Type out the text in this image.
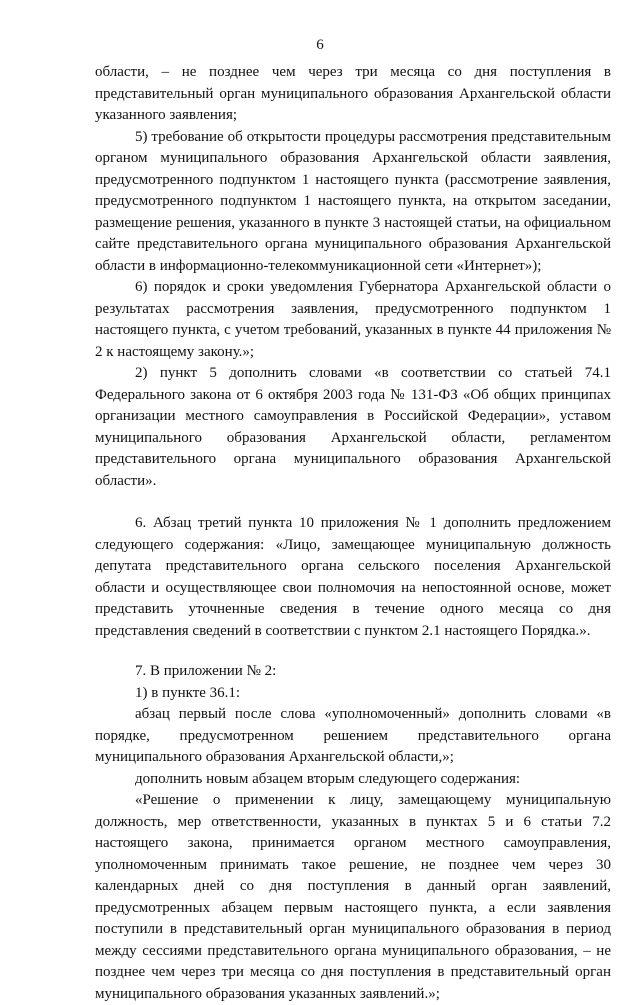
6

области, – не позднее чем через три месяца со дня поступления в представительный орган муниципального образования Архангельской области указанного заявления;

5) требование об открытости процедуры рассмотрения представительным органом муниципального образования Архангельской области заявления, предусмотренного подпунктом 1 настоящего пункта (рассмотрение заявления, предусмотренного подпунктом 1 настоящего пункта, на открытом заседании, размещение решения, указанного в пункте 3 настоящей статьи, на официальном сайте представительного органа муниципального образования Архангельской области в информационно-телекоммуникационной сети «Интернет»);

6) порядок и сроки уведомления Губернатора Архангельской области о результатах рассмотрения заявления, предусмотренного подпунктом 1 настоящего пункта, с учетом требований, указанных в пункте 44 приложения № 2 к настоящему закону.»;

2) пункт 5 дополнить словами «в соответствии со статьей 74.1 Федерального закона от 6 октября 2003 года № 131-ФЗ «Об общих принципах организации местного самоуправления в Российской Федерации», уставом муниципального образования Архангельской области, регламентом представительного органа муниципального образования Архангельской области».

6. Абзац третий пункта 10 приложения № 1 дополнить предложением следующего содержания: «Лицо, замещающее муниципальную должность депутата представительного органа сельского поселения Архангельской области и осуществляющее свои полномочия на непостоянной основе, может представить уточненные сведения в течение одного месяца со дня представления сведений в соответствии с пунктом 2.1 настоящего Порядка.».

7. В приложении № 2:

1) в пункте 36.1:

абзац первый после слова «уполномоченный» дополнить словами «в порядке, предусмотренном решением представительного органа муниципального образования Архангельской области,»;

дополнить новым абзацем вторым следующего содержания:

«Решение о применении к лицу, замещающему муниципальную должность, мер ответственности, указанных в пунктах 5 и 6 статьи 7.2 настоящего закона, принимается органом местного самоуправления, уполномоченным принимать такое решение, не позднее чем через 30 календарных дней со дня поступления в данный орган заявлений, предусмотренных абзацем первым настоящего пункта, а если заявления поступили в представительный орган муниципального образования в период между сессиями представительного органа муниципального образования, – не позднее чем через три месяца со дня поступления в представительный орган муниципального образования указанных заявлений.»;
